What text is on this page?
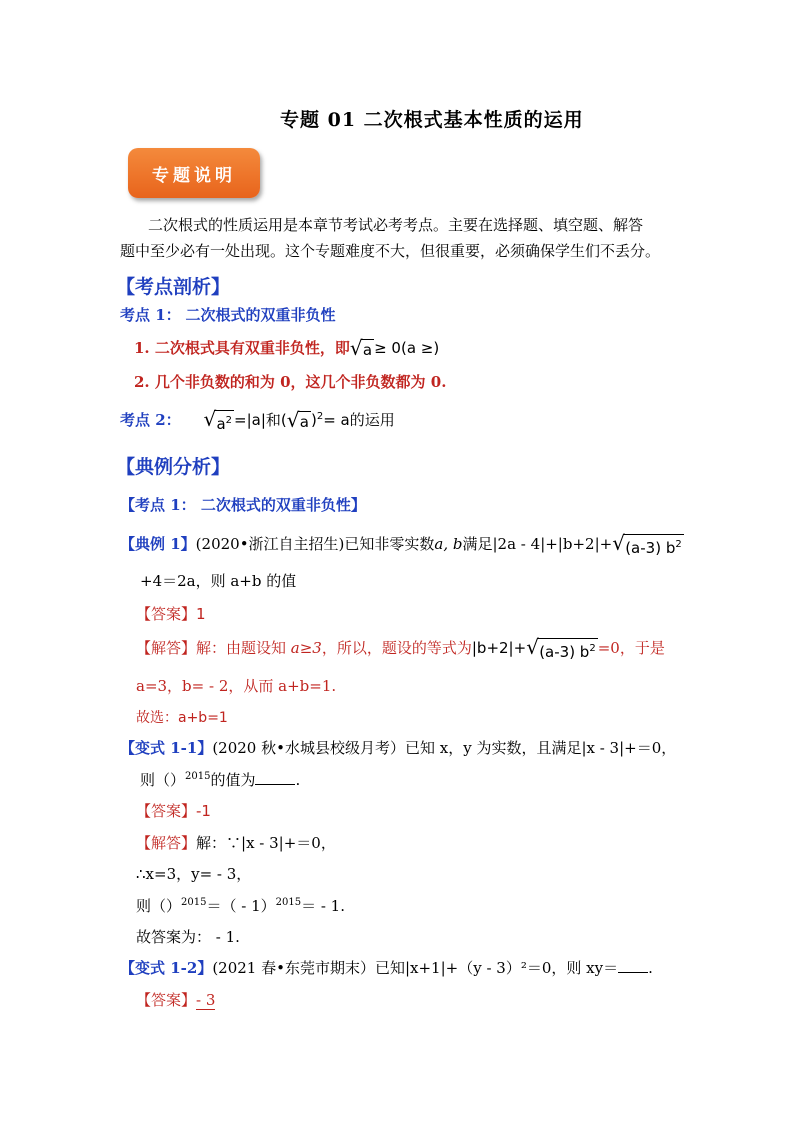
专题 01 二次根式基本性质的运用
专题说明
二次根式的性质运用是本章节考试必考考点。主要在选择题、填空题、解答
题中至少必有一处出现。这个专题难度不大，但很重要，必须确保学生们不丢分。
【考点剖析】
考点 1： 二次根式的双重非负性
1. 二次根式具有双重非负性，即 √ a ≥ 0(a ≥)
2. 几个非负数的和为 0，这几个非负数都为 0.
考点 2： √ $a^2 =|a|$和( √ a )$^2$= a的运用
【典例分析】
【考点 1： 二次根式的双重非负性】
【典例 1】(2020•浙江自主招生)已知非零实数a, b满足|2a - 4|+|b+2|+ √ (a-3) $b^2$
+4＝2a，则 a+b 的值
【答案】1
【解答】解：由题设知 a≥3，所以，题设的等式为|b+2|+ √ (a-3) $b^2 =0$，于是
a=3，b= - 2，从而 a+b=1.
故选：a+b=1
【变式 1-1】(2020 秋•水城县校级月考）已知 x，y 为实数，且满足|x - 3|+＝0，
则（）$^{2015}$的值为	.
【答案】-1
【解答】解：∵|x - 3|+＝0，
∴x=3，y= - 3，
则（）$^{2015}$＝（ - 1）$^{2015}$＝ - 1.
故答案为： - 1.
【变式 1-2】(2021 春•东莞市期末）已知|x+1|+（y - 3）²＝0，则 xy＝ .
【答案】- 3
